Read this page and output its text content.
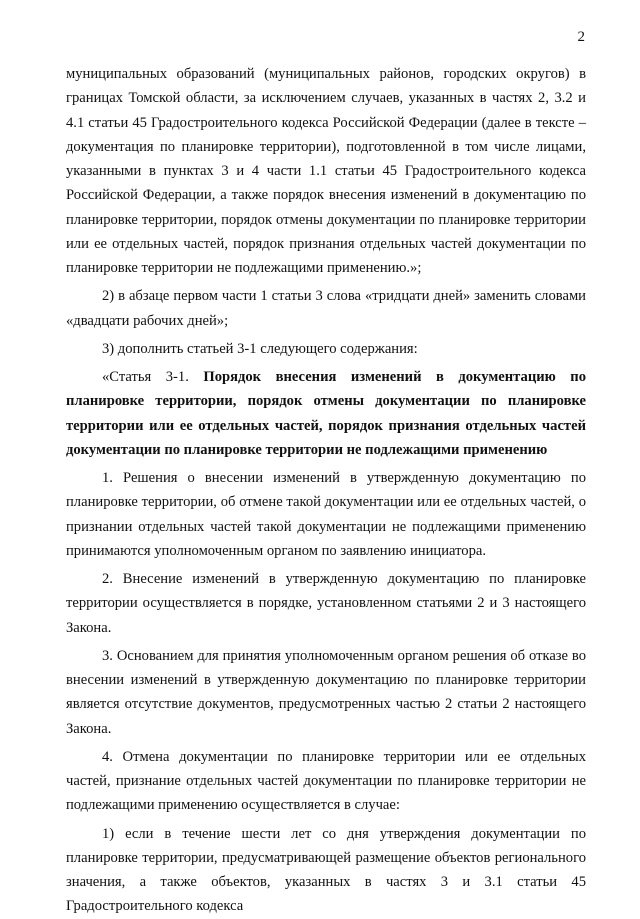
2

муниципальных образований (муниципальных районов, городских округов) в границах Томской области, за исключением случаев, указанных в частях 2, 3.2 и 4.1 статьи 45 Градостроительного кодекса Российской Федерации (далее в тексте – документация по планировке территории), подготовленной в том числе лицами, указанными в пунктах 3 и 4 части 1.1 статьи 45 Градостроительного кодекса Российской Федерации, а также порядок внесения изменений в документацию по планировке территории, порядок отмены документации по планировке территории или ее отдельных частей, порядок признания отдельных частей документации по планировке территории не подлежащими применению.»;

2) в абзаце первом части 1 статьи 3 слова «тридцати дней» заменить словами «двадцати рабочих дней»;

3) дополнить статьей 3-1 следующего содержания:

«Статья 3-1. Порядок внесения изменений в документацию по планировке территории, порядок отмены документации по планировке территории или ее отдельных частей, порядок признания отдельных частей документации по планировке территории не подлежащими применению

1. Решения о внесении изменений в утвержденную документацию по планировке территории, об отмене такой документации или ее отдельных частей, о признании отдельных частей такой документации не подлежащими применению принимаются уполномоченным органом по заявлению инициатора.

2. Внесение изменений в утвержденную документацию по планировке территории осуществляется в порядке, установленном статьями 2 и 3 настоящего Закона.

3. Основанием для принятия уполномоченным органом решения об отказе во внесении изменений в утвержденную документацию по планировке территории является отсутствие документов, предусмотренных частью 2 статьи 2 настоящего Закона.

4. Отмена документации по планировке территории или ее отдельных частей, признание отдельных частей документации по планировке территории не подлежащими применению осуществляется в случае:

1) если в течение шести лет со дня утверждения документации по планировке территории, предусматривающей размещение объектов регионального значения, а также объектов, указанных в частях 3 и 3.1 статьи 45 Градостроительного кодекса
